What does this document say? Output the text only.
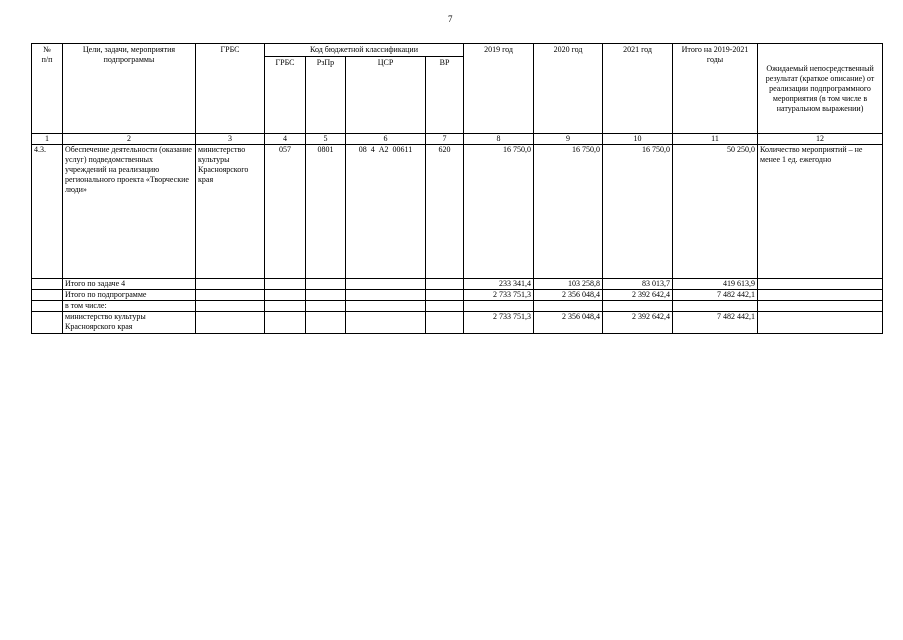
7
№
п/п	Цели, задачи, мероприятия подпрограммы	ГРБС	Код бюджетной классификации				2019 год	2020 год	2021 год	Итого на 2019-2021 годы	Ожидаемый непосредственный результат (краткое описание) от реализации подпрограммного мероприятия (в том числе в натуральном выражении)
			ГРБС	РзПр	ЦСР	ВР					
1	2	3	4	5	6	7	8	9	10	11	12
4.3.	Обеспечение деятельности (оказание услуг) подведомственных учреждений на реализацию регионального проекта «Творческие люди»	министерство культуры Красноярского края	057	0801	08  4  А2  00611	620	16 750,0	16 750,0	16 750,0	50 250,0	Количество мероприятий – не менее 1 ед. ежегодно
	Итого по задаче 4						233 341,4	103 258,8	83 013,7	419 613,9	
	Итого по подпрограмме						2 733 751,3	2 356 048,4	2 392 642,4	7 482 442,1	
	в том числе:										
	министерство культуры Красноярского края						2 733 751,3	2 356 048,4	2 392 642,4	7 482 442,1	
